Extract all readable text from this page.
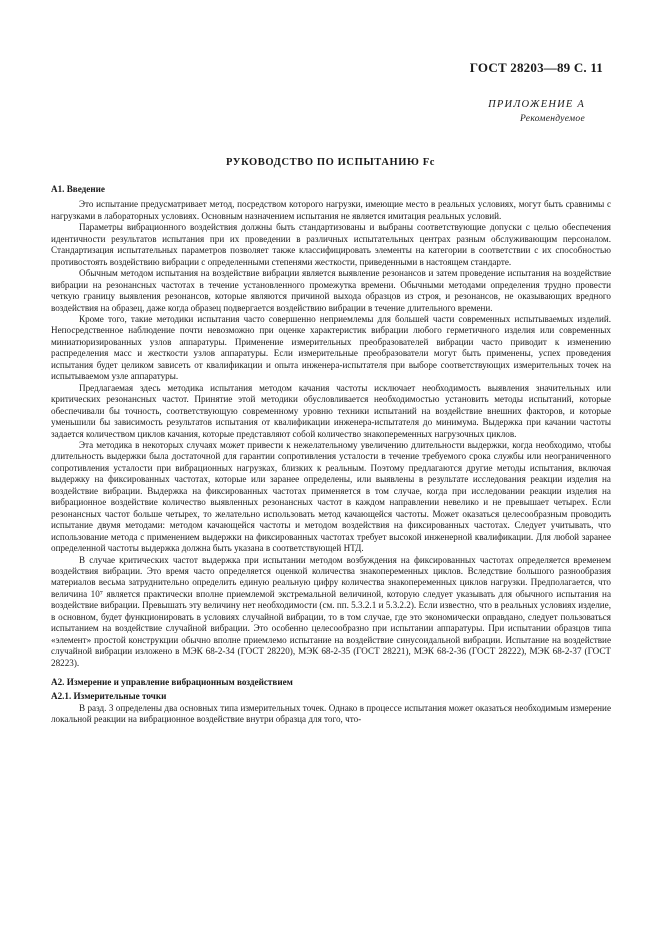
ГОСТ 28203—89 С. 11
ПРИЛОЖЕНИЕ А
Рекомендуемое
РУКОВОДСТВО ПО ИСПЫТАНИЮ Fc
А1. Введение

Это испытание предусматривает метод, посредством которого нагрузки, имеющие место в реальных условиях, могут быть сравнимы с нагрузками в лабораторных условиях. Основным назначением испытания не является имитация реальных условий.

Параметры вибрационного воздействия должны быть стандартизованы и выбраны соответствующие допуски с целью обеспечения идентичности результатов испытания при их проведении в различных испытательных центрах разным обслуживающим персоналом. Стандартизация испытательных параметров позволяет также классифицировать элементы на категории в соответствии с их способностью противостоять воздействию вибрации с определенными степенями жесткости, приведенными в настоящем стандарте.

Обычным методом испытания на воздействие вибрации является выявление резонансов и затем проведение испытания на воздействие вибрации на резонансных частотах в течение установленного промежутка времени. Обычными методами определения трудно провести четкую границу выявления резонансов, которые являются причиной выхода образцов из строя, и резонансов, не оказывающих вредного воздействия на образец, даже когда образец подвергается воздействию вибрации в течение длительного времени.

Кроме того, такие методики испытания часто совершенно неприемлемы для большей части современных испытываемых изделий. Непосредственное наблюдение почти невозможно при оценке характеристик вибрации любого герметичного изделия или современных миниатюризированных узлов аппаратуры. Применение измерительных преобразователей вибрации часто приводит к изменению распределения масс и жесткости узлов аппаратуры. Если измерительные преобразователи могут быть применены, успех проведения испытания будет целиком зависеть от квалификации и опыта инженера-испытателя при выборе соответствующих измерительных точек на испытываемом узле аппаратуры.

Предлагаемая здесь методика испытания методом качания частоты исключает необходимость выявления значительных или критических резонансных частот. Принятие этой методики обусловливается необходимостью установить методы испытаний, которые обеспечивали бы точность, соответствующую современному уровню техники испытаний на воздействие внешних факторов, и которые уменьшили бы зависимость результатов испытания от квалификации инженера-испытателя до минимума. Выдержка при качании частоты задается количеством циклов качания, которые представляют собой количество знакопеременных нагрузочных циклов.

Эта методика в некоторых случаях может привести к нежелательному увеличению длительности выдержки, когда необходимо, чтобы длительность выдержки была достаточной для гарантии сопротивления усталости в течение требуемого срока службы или неограниченного сопротивления усталости при вибрационных нагрузках, близких к реальным. Поэтому предлагаются другие методы испытания, включая выдержку на фиксированных частотах, которые или заранее определены, или выявлены в результате исследования реакции изделия на воздействие вибрации. Выдержка на фиксированных частотах применяется в том случае, когда при исследовании реакции изделия на вибрационное воздействие количество выявленных резонансных частот в каждом направлении невелико и не превышает четырех. Если резонансных частот больше четырех, то желательно использовать метод качающейся частоты. Может оказаться целесообразным проводить испытание двумя методами: методом качающейся частоты и методом воздействия на фиксированных частотах. Следует учитывать, что использование метода с применением выдержки на фиксированных частотах требует высокой инженерной квалификации. Для любой заранее определенной частоты выдержка должна быть указана в соответствующей НТД.

В случае критических частот выдержка при испытании методом возбуждения на фиксированных частотах определяется временем воздействия вибрации. Это время часто определяется оценкой количества знакопеременных циклов. Вследствие большого разнообразия материалов весьма затруднительно определить единую реальную цифру количества знакопеременных циклов нагрузки. Предполагается, что величина 10⁷ является практически вполне приемлемой экстремальной величиной, которую следует указывать для обычного испытания на воздействие вибрации. Превышать эту величину нет необходимости (см. пп. 5.3.2.1 и 5.3.2.2). Если известно, что в реальных условиях изделие, в основном, будет функционировать в условиях случайной вибрации, то в том случае, где это экономически оправдано, следует пользоваться испытанием на воздействие случайной вибрации. Это особенно целесообразно при испытании аппаратуры. При испытании образцов типа «элемент» простой конструкции обычно вполне приемлемо испытание на воздействие синусоидальной вибрации. Испытание на воздействие случайной вибрации изложено в МЭК 68-2-34 (ГОСТ 28220), МЭК 68-2-35 (ГОСТ 28221), МЭК 68-2-36 (ГОСТ 28222), МЭК 68-2-37 (ГОСТ 28223).

А2. Измерение и управление вибрационным воздействием
А2.1. Измерительные точки

В разд. 3 определены два основных типа измерительных точек. Однако в процессе испытания может оказаться необходимым измерение локальной реакции на вибрационное воздействие внутри образца для того, что-
